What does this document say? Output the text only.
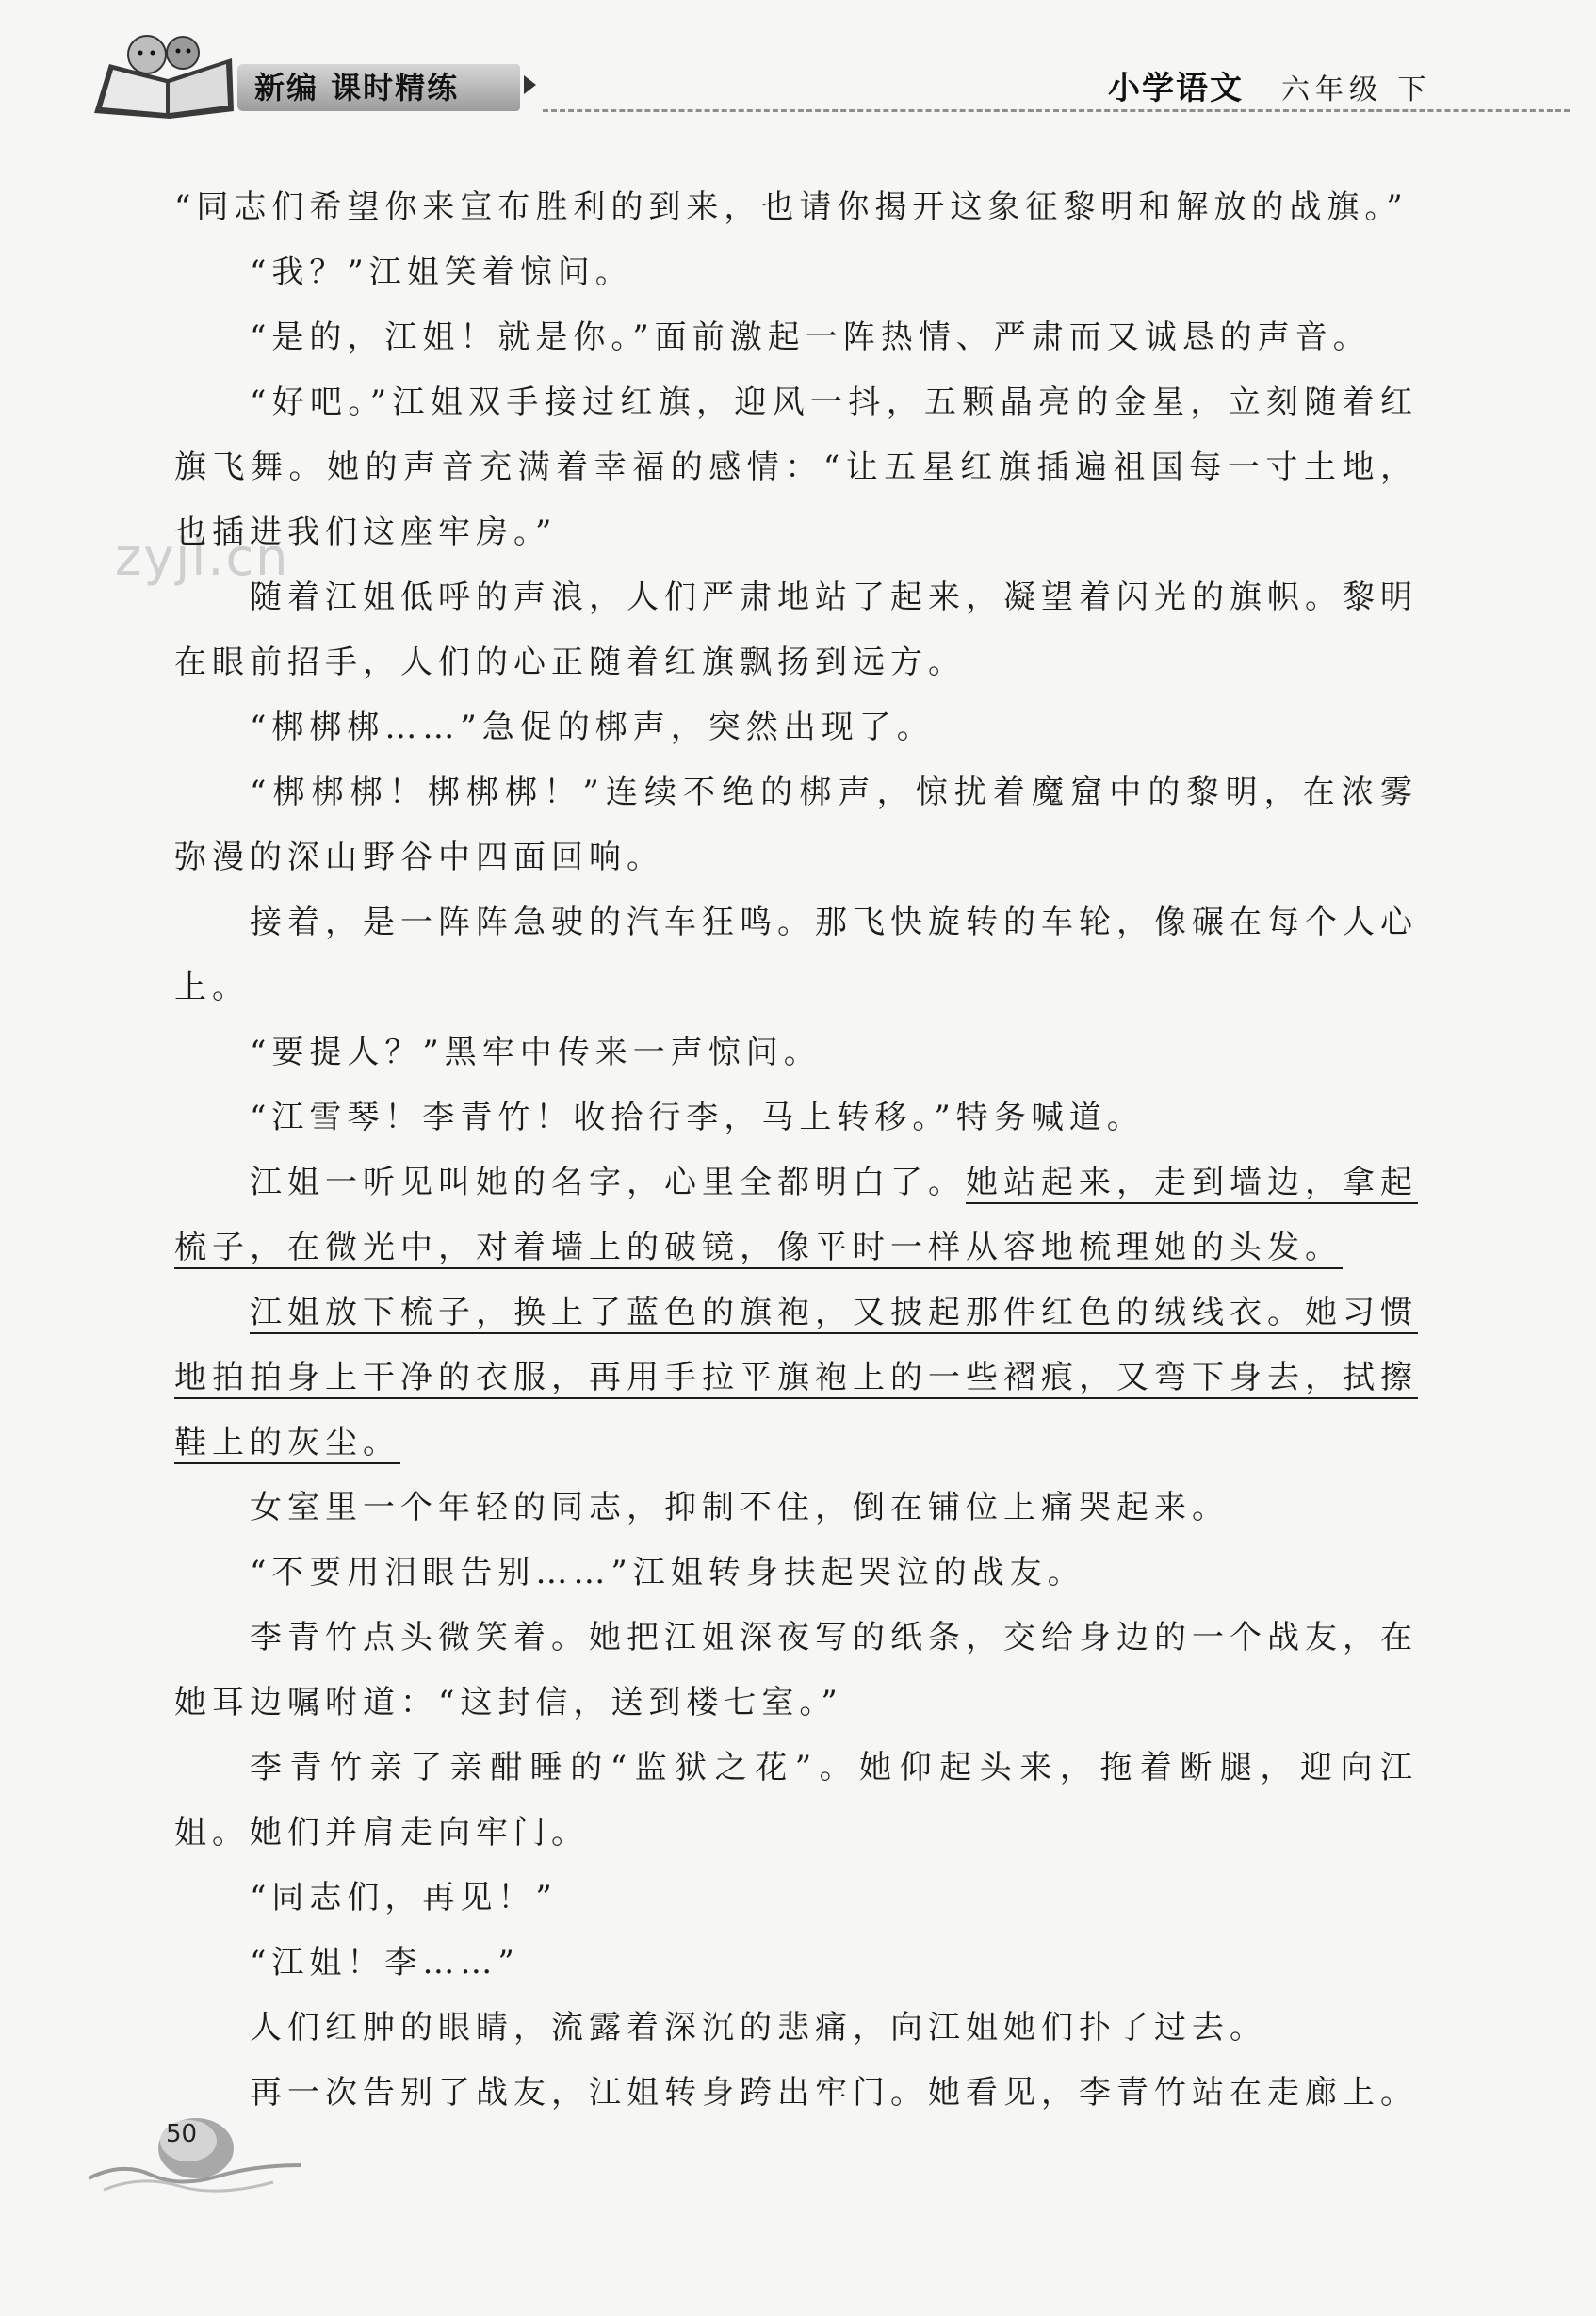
新编 课时精练	小学语文 六年级 下
zyjl.cn

“同志们希望你来宣布胜利的到来，也请你揭开这象征黎明和解放的战旗。”

“我？”江姐笑着惊问。

“是的，江姐！就是你。”面前激起一阵热情、严肃而又诚恳的声音。

“好吧。”江姐双手接过红旗，迎风一抖，五颗晶亮的金星，立刻随着红旗飞舞。她的声音充满着幸福的感情：“让五星红旗插遍祖国每一寸土地，也插进我们这座牢房。”

随着江姐低呼的声浪，人们严肃地站了起来，凝望着闪光的旗帜。黎明在眼前招手，人们的心正随着红旗飘扬到远方。

“梆梆梆……”急促的梆声，突然出现了。

“梆梆梆！梆梆梆！”连续不绝的梆声，惊扰着魔窟中的黎明，在浓雾弥漫的深山野谷中四面回响。

接着，是一阵阵急驶的汽车狂鸣。那飞快旋转的车轮，像碾在每个人心上。

“要提人？”黑牢中传来一声惊问。

“江雪琴！李青竹！收拾行李，马上转移。”特务喊道。

江姐一听见叫她的名字，心里全都明白了。她站起来，走到墙边，拿起梳子，在微光中，对着墙上的破镜，像平时一样从容地梳理她的头发。

江姐放下梳子，换上了蓝色的旗袍，又披起那件红色的绒线衣。她习惯地拍拍身上干净的衣服，再用手拉平旗袍上的一些褶痕，又弯下身去，拭擦鞋上的灰尘。

女室里一个年轻的同志，抑制不住，倒在铺位上痛哭起来。

“不要用泪眼告别……”江姐转身扶起哭泣的战友。

李青竹点头微笑着。她把江姐深夜写的纸条，交给身边的一个战友，在她耳边嘱咐道：“这封信，送到楼七室。”

李青竹亲了亲酣睡的“监狱之花”。她仰起头来，拖着断腿，迎向江姐。她们并肩走向牢门。

“同志们，再见！”

“江姐！李……”

人们红肿的眼睛，流露着深沉的悲痛，向江姐她们扑了过去。

再一次告别了战友，江姐转身跨出牢门。她看见，李青竹站在走廊上。

50
